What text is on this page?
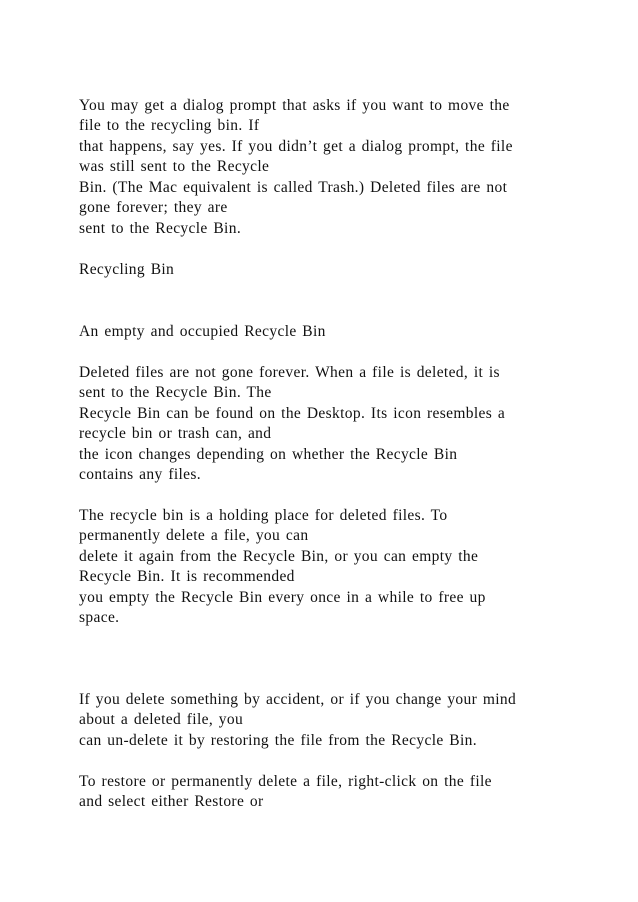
You may get a dialog prompt that asks if you want to move the
file to the recycling bin. If
that happens, say yes. If you didn’t get a dialog prompt, the file
was still sent to the Recycle
Bin. (The Mac equivalent is called Trash.) Deleted files are not
gone forever; they are
sent to the Recycle Bin.
Recycling Bin
An empty and occupied Recycle Bin
Deleted files are not gone forever. When a file is deleted, it is
sent to the Recycle Bin. The
Recycle Bin can be found on the Desktop. Its icon resembles a
recycle bin or trash can, and
the icon changes depending on whether the Recycle Bin
contains any files.
The recycle bin is a holding place for deleted files. To
permanently delete a file, you can
delete it again from the Recycle Bin, or you can empty the
Recycle Bin. It is recommended
you empty the Recycle Bin every once in a while to free up
space.
If you delete something by accident, or if you change your mind
about a deleted file, you
can un-delete it by restoring the file from the Recycle Bin.
To restore or permanently delete a file, right-click on the file
and select either Restore or
